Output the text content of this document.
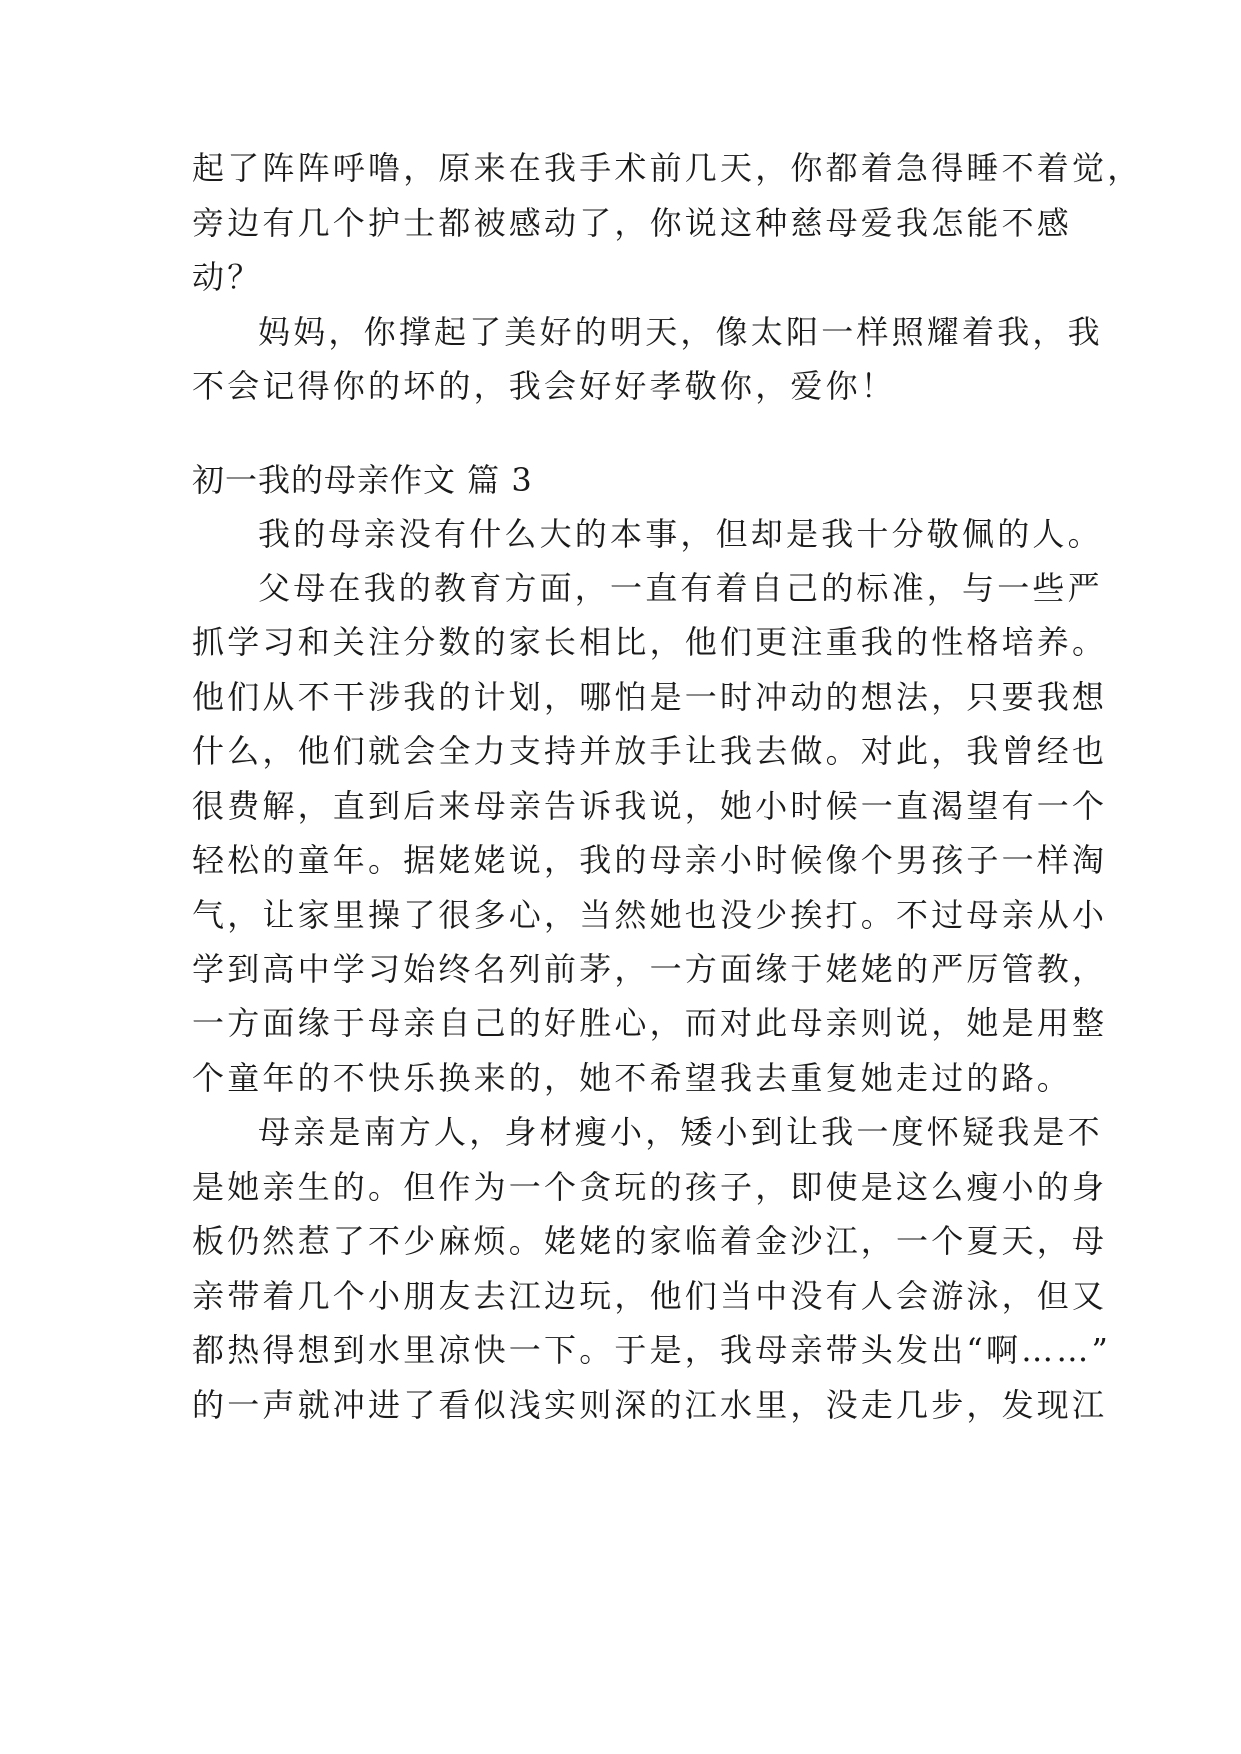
起了阵阵呼噜，原来在我手术前几天，你都着急得睡不着觉，
旁边有几个护士都被感动了，你说这种慈母爱我怎能不感
动？
妈妈，你撑起了美好的明天，像太阳一样照耀着我，我
不会记得你的坏的，我会好好孝敬你，爱你！
初一我的母亲作文 篇 3
我的母亲没有什么大的本事，但却是我十分敬佩的人。
父母在我的教育方面，一直有着自己的标准，与一些严
抓学习和关注分数的家长相比，他们更注重我的性格培养。
他们从不干涉我的计划，哪怕是一时冲动的想法，只要我想
什么，他们就会全力支持并放手让我去做。对此，我曾经也
很费解，直到后来母亲告诉我说，她小时候一直渴望有一个
轻松的童年。据姥姥说，我的母亲小时候像个男孩子一样淘
气，让家里操了很多心，当然她也没少挨打。不过母亲从小
学到高中学习始终名列前茅，一方面缘于姥姥的严厉管教，
一方面缘于母亲自己的好胜心，而对此母亲则说，她是用整
个童年的不快乐换来的，她不希望我去重复她走过的路。
母亲是南方人，身材瘦小，矮小到让我一度怀疑我是不
是她亲生的。但作为一个贪玩的孩子，即使是这么瘦小的身
板仍然惹了不少麻烦。姥姥的家临着金沙江，一个夏天，母
亲带着几个小朋友去江边玩，他们当中没有人会游泳，但又
都热得想到水里凉快一下。于是，我母亲带头发出“啊……”
的一声就冲进了看似浅实则深的江水里，没走几步，发现江
